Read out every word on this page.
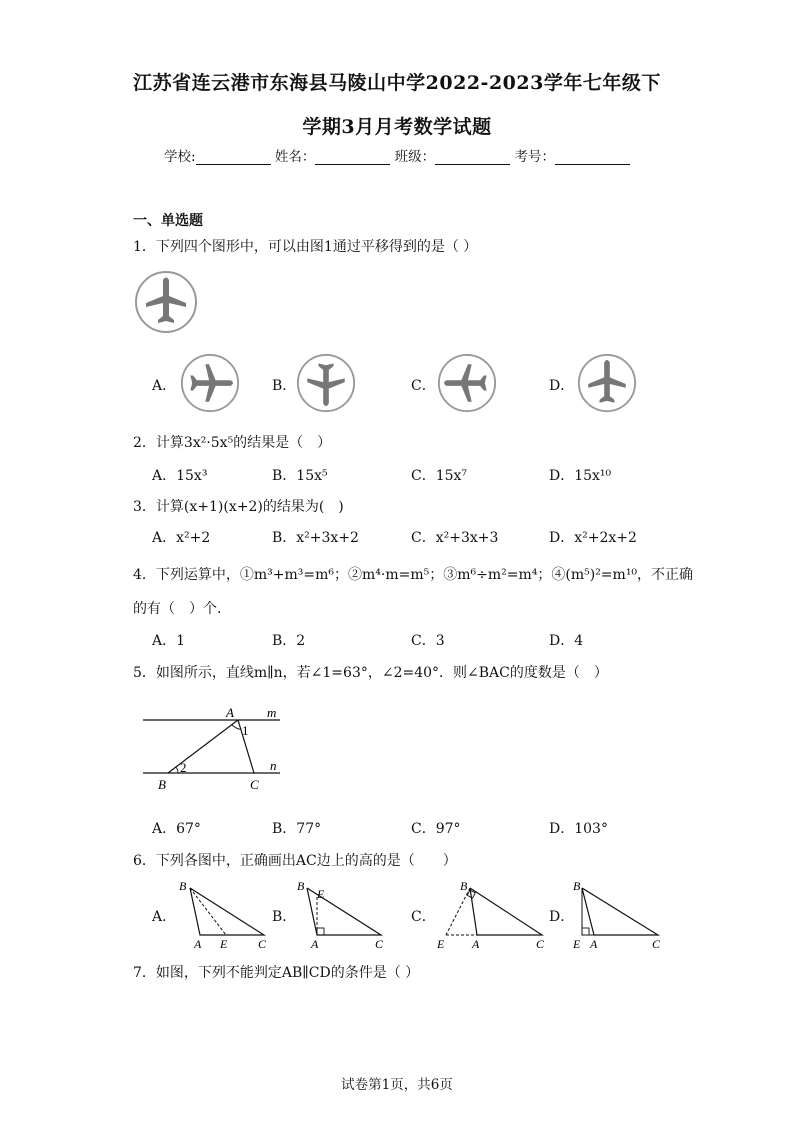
江苏省连云港市东海县马陵山中学2022-2023学年七年级下
学期3月月考数学试题
学校:	姓名：	班级：	考号：
一、单选题
1．下列四个图形中，可以由图1通过平移得到的是（ ）
A．	B．	C．	D．
2．计算3x²·5x⁵的结果是（　）
A．15x³	B．15x⁵	C．15x⁷	D．15x¹⁰
3．计算(x+1)(x+2)的结果为(　)
A．x²+2	B．x²+3x+2	C．x²+3x+3	D．x²+2x+2
4．下列运算中，①m³+m³=m⁶；②m⁴·m=m⁵；③m⁶÷m²=m⁴；④(m⁵)²=m¹⁰，不正确
的有（　）个.
A．1	B．2	C．3	D．4
5．如图所示，直线m∥n，若∠1=63°，∠2=40°．则∠BAC的度数是（　）
A	m
1
n
2
B	C
A．67°	B．77°	C．97°	D．103°
6．下列各图中，正确画出AC边上的高的是（　　）
A．
B
A E	C
B．
B
E
A	C
C．
B
E A	C
D．
B
E A	C
7．如图，下列不能判定AB∥CD的条件是（ ）
试卷第1页，共6页
